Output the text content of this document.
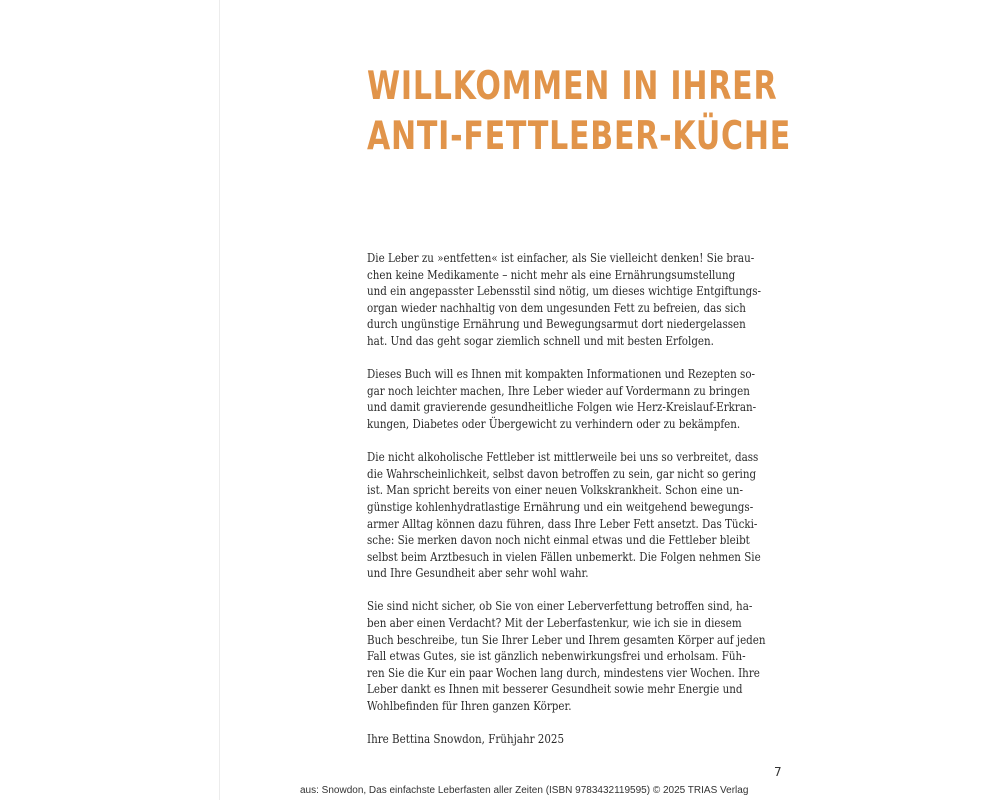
WILLKOMMEN IN IHRER
ANTI-FETTLEBER-KÜCHE

Die Leber zu »entfetten« ist einfacher, als Sie vielleicht denken! Sie brau-
chen keine Medikamente – nicht mehr als eine Ernährungsumstellung
und ein angepasster Lebensstil sind nötig, um dieses wichtige Entgiftungs-
organ wieder nachhaltig von dem ungesunden Fett zu befreien, das sich
durch ungünstige Ernährung und Bewegungsarmut dort niedergelassen
hat. Und das geht sogar ziemlich schnell und mit besten Erfolgen.

Dieses Buch will es Ihnen mit kompakten Informationen und Rezepten so-
gar noch leichter machen, Ihre Leber wieder auf Vordermann zu bringen
und damit gravierende gesundheitliche Folgen wie Herz-Kreislauf-Erkran-
kungen, Diabetes oder Übergewicht zu verhindern oder zu bekämpfen.

Die nicht alkoholische Fettleber ist mittlerweile bei uns so verbreitet, dass
die Wahrscheinlichkeit, selbst davon betroffen zu sein, gar nicht so gering
ist. Man spricht bereits von einer neuen Volkskrankheit. Schon eine un-
günstige kohlenhydratlastige Ernährung und ein weitgehend bewegungs-
armer Alltag können dazu führen, dass Ihre Leber Fett ansetzt. Das Tücki-
sche: Sie merken davon noch nicht einmal etwas und die Fettleber bleibt
selbst beim Arztbesuch in vielen Fällen unbemerkt. Die Folgen nehmen Sie
und Ihre Gesundheit aber sehr wohl wahr.

Sie sind nicht sicher, ob Sie von einer Leberverfettung betroffen sind, ha-
ben aber einen Verdacht? Mit der Leberfastenkur, wie ich sie in diesem
Buch beschreibe, tun Sie Ihrer Leber und Ihrem gesamten Körper auf jeden
Fall etwas Gutes, sie ist gänzlich nebenwirkungsfrei und erholsam. Füh-
ren Sie die Kur ein paar Wochen lang durch, mindestens vier Wochen. Ihre
Leber dankt es Ihnen mit besserer Gesundheit sowie mehr Energie und
Wohlbefinden für Ihren ganzen Körper.

Ihre Bettina Snowdon, Frühjahr 2025

7
aus: Snowdon, Das einfachste Leberfasten aller Zeiten (ISBN 9783432119595) © 2025 TRIAS Verlag
